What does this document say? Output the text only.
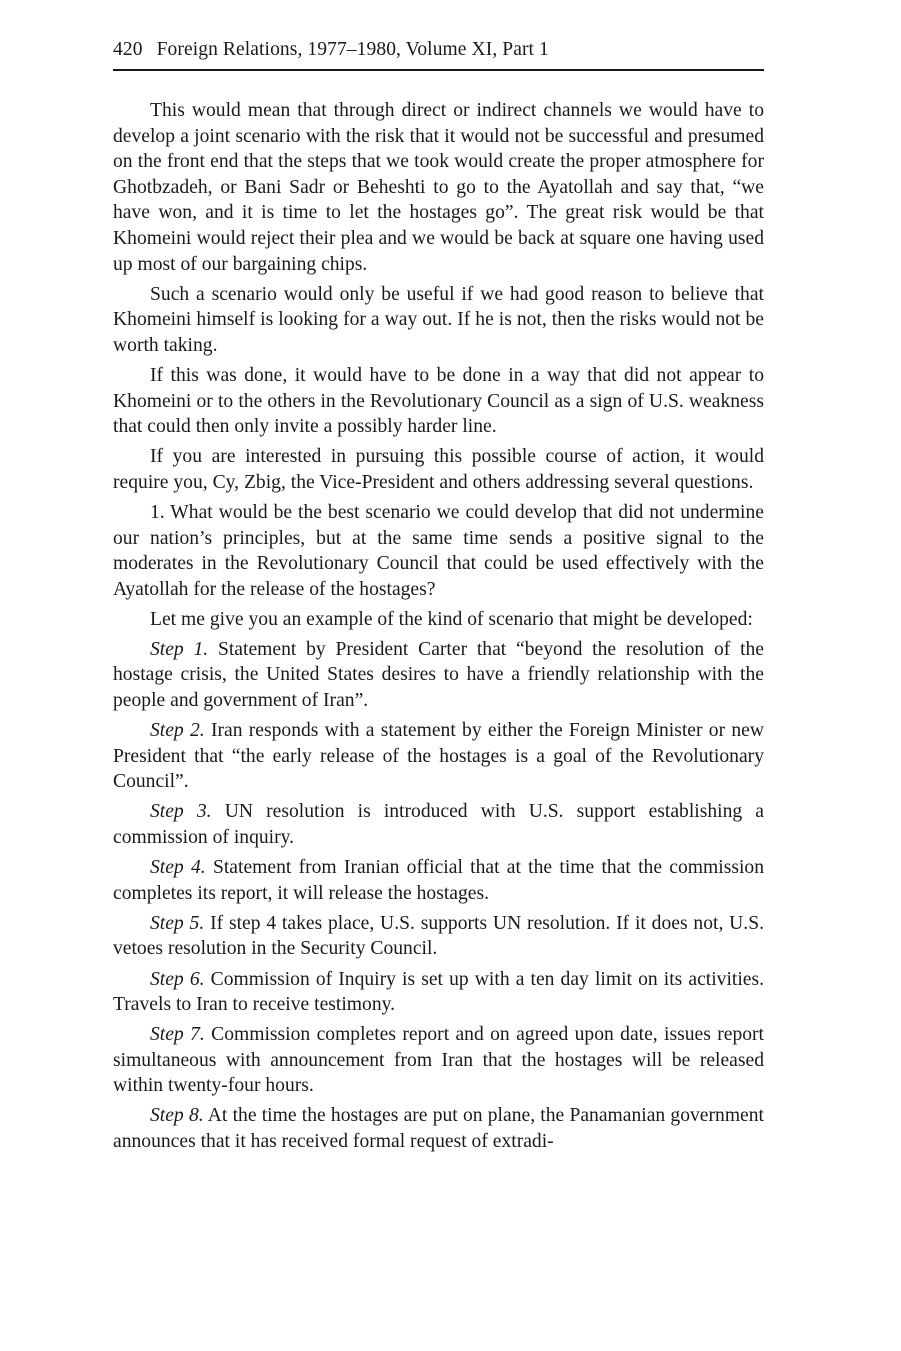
420 Foreign Relations, 1977–1980, Volume XI, Part 1

This would mean that through direct or indirect channels we would have to develop a joint scenario with the risk that it would not be successful and presumed on the front end that the steps that we took would create the proper atmosphere for Ghotbzadeh, or Bani Sadr or Beheshti to go to the Ayatollah and say that, “we have won, and it is time to let the hostages go”. The great risk would be that Khomeini would reject their plea and we would be back at square one having used up most of our bargaining chips.

Such a scenario would only be useful if we had good reason to believe that Khomeini himself is looking for a way out. If he is not, then the risks would not be worth taking.

If this was done, it would have to be done in a way that did not appear to Khomeini or to the others in the Revolutionary Council as a sign of U.S. weakness that could then only invite a possibly harder line.

If you are interested in pursuing this possible course of action, it would require you, Cy, Zbig, the Vice-President and others addressing several questions.

1. What would be the best scenario we could develop that did not undermine our nation’s principles, but at the same time sends a positive signal to the moderates in the Revolutionary Council that could be used effectively with the Ayatollah for the release of the hostages?

Let me give you an example of the kind of scenario that might be developed:

Step 1. Statement by President Carter that “beyond the resolution of the hostage crisis, the United States desires to have a friendly relationship with the people and government of Iran”.

Step 2. Iran responds with a statement by either the Foreign Minister or new President that “the early release of the hostages is a goal of the Revolutionary Council”.

Step 3. UN resolution is introduced with U.S. support establishing a commission of inquiry.

Step 4. Statement from Iranian official that at the time that the commission completes its report, it will release the hostages.

Step 5. If step 4 takes place, U.S. supports UN resolution. If it does not, U.S. vetoes resolution in the Security Council.

Step 6. Commission of Inquiry is set up with a ten day limit on its activities. Travels to Iran to receive testimony.

Step 7. Commission completes report and on agreed upon date, issues report simultaneous with announcement from Iran that the hostages will be released within twenty-four hours.

Step 8. At the time the hostages are put on plane, the Panamanian government announces that it has received formal request of extradi-
